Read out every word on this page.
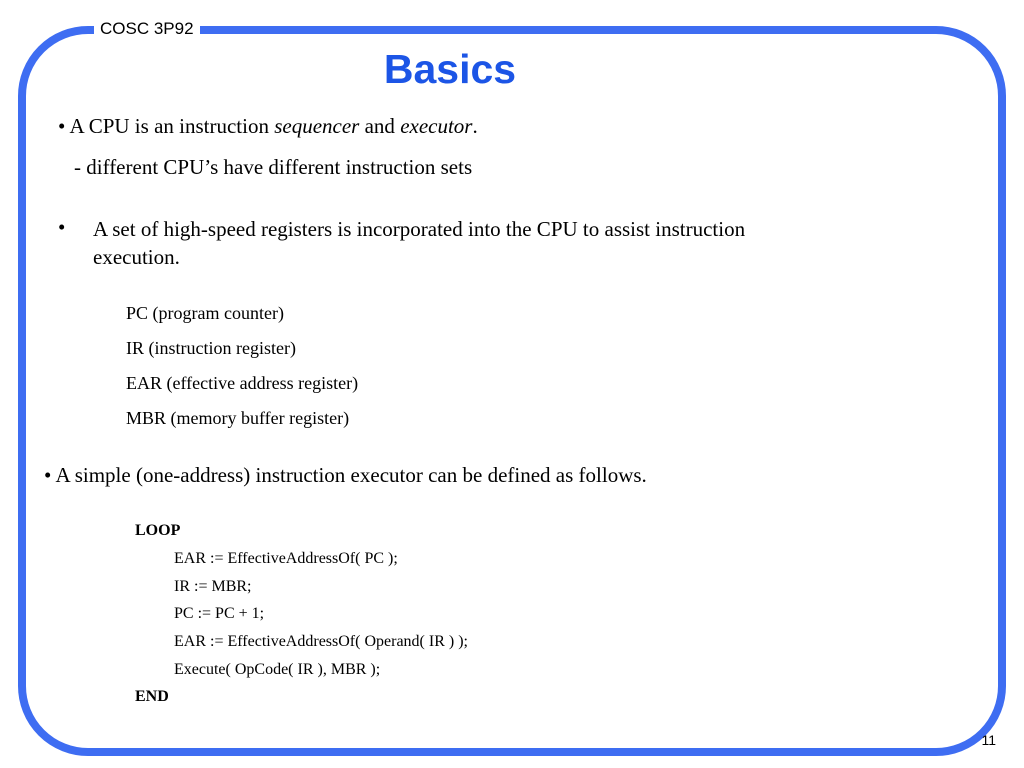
COSC 3P92
Basics
• A CPU is an instruction sequencer and executor.
- different CPU’s have different instruction sets
• A set of high-speed registers is incorporated into the CPU to assist instruction execution.
PC (program counter)
IR (instruction register)
EAR (effective address register)
MBR (memory buffer register)
• A simple (one-address) instruction executor can be defined as follows.
LOOP
EAR := EffectiveAddressOf( PC );
IR := MBR;
PC := PC + 1;
EAR := EffectiveAddressOf( Operand( IR ) );
Execute( OpCode( IR ), MBR );
END
11
